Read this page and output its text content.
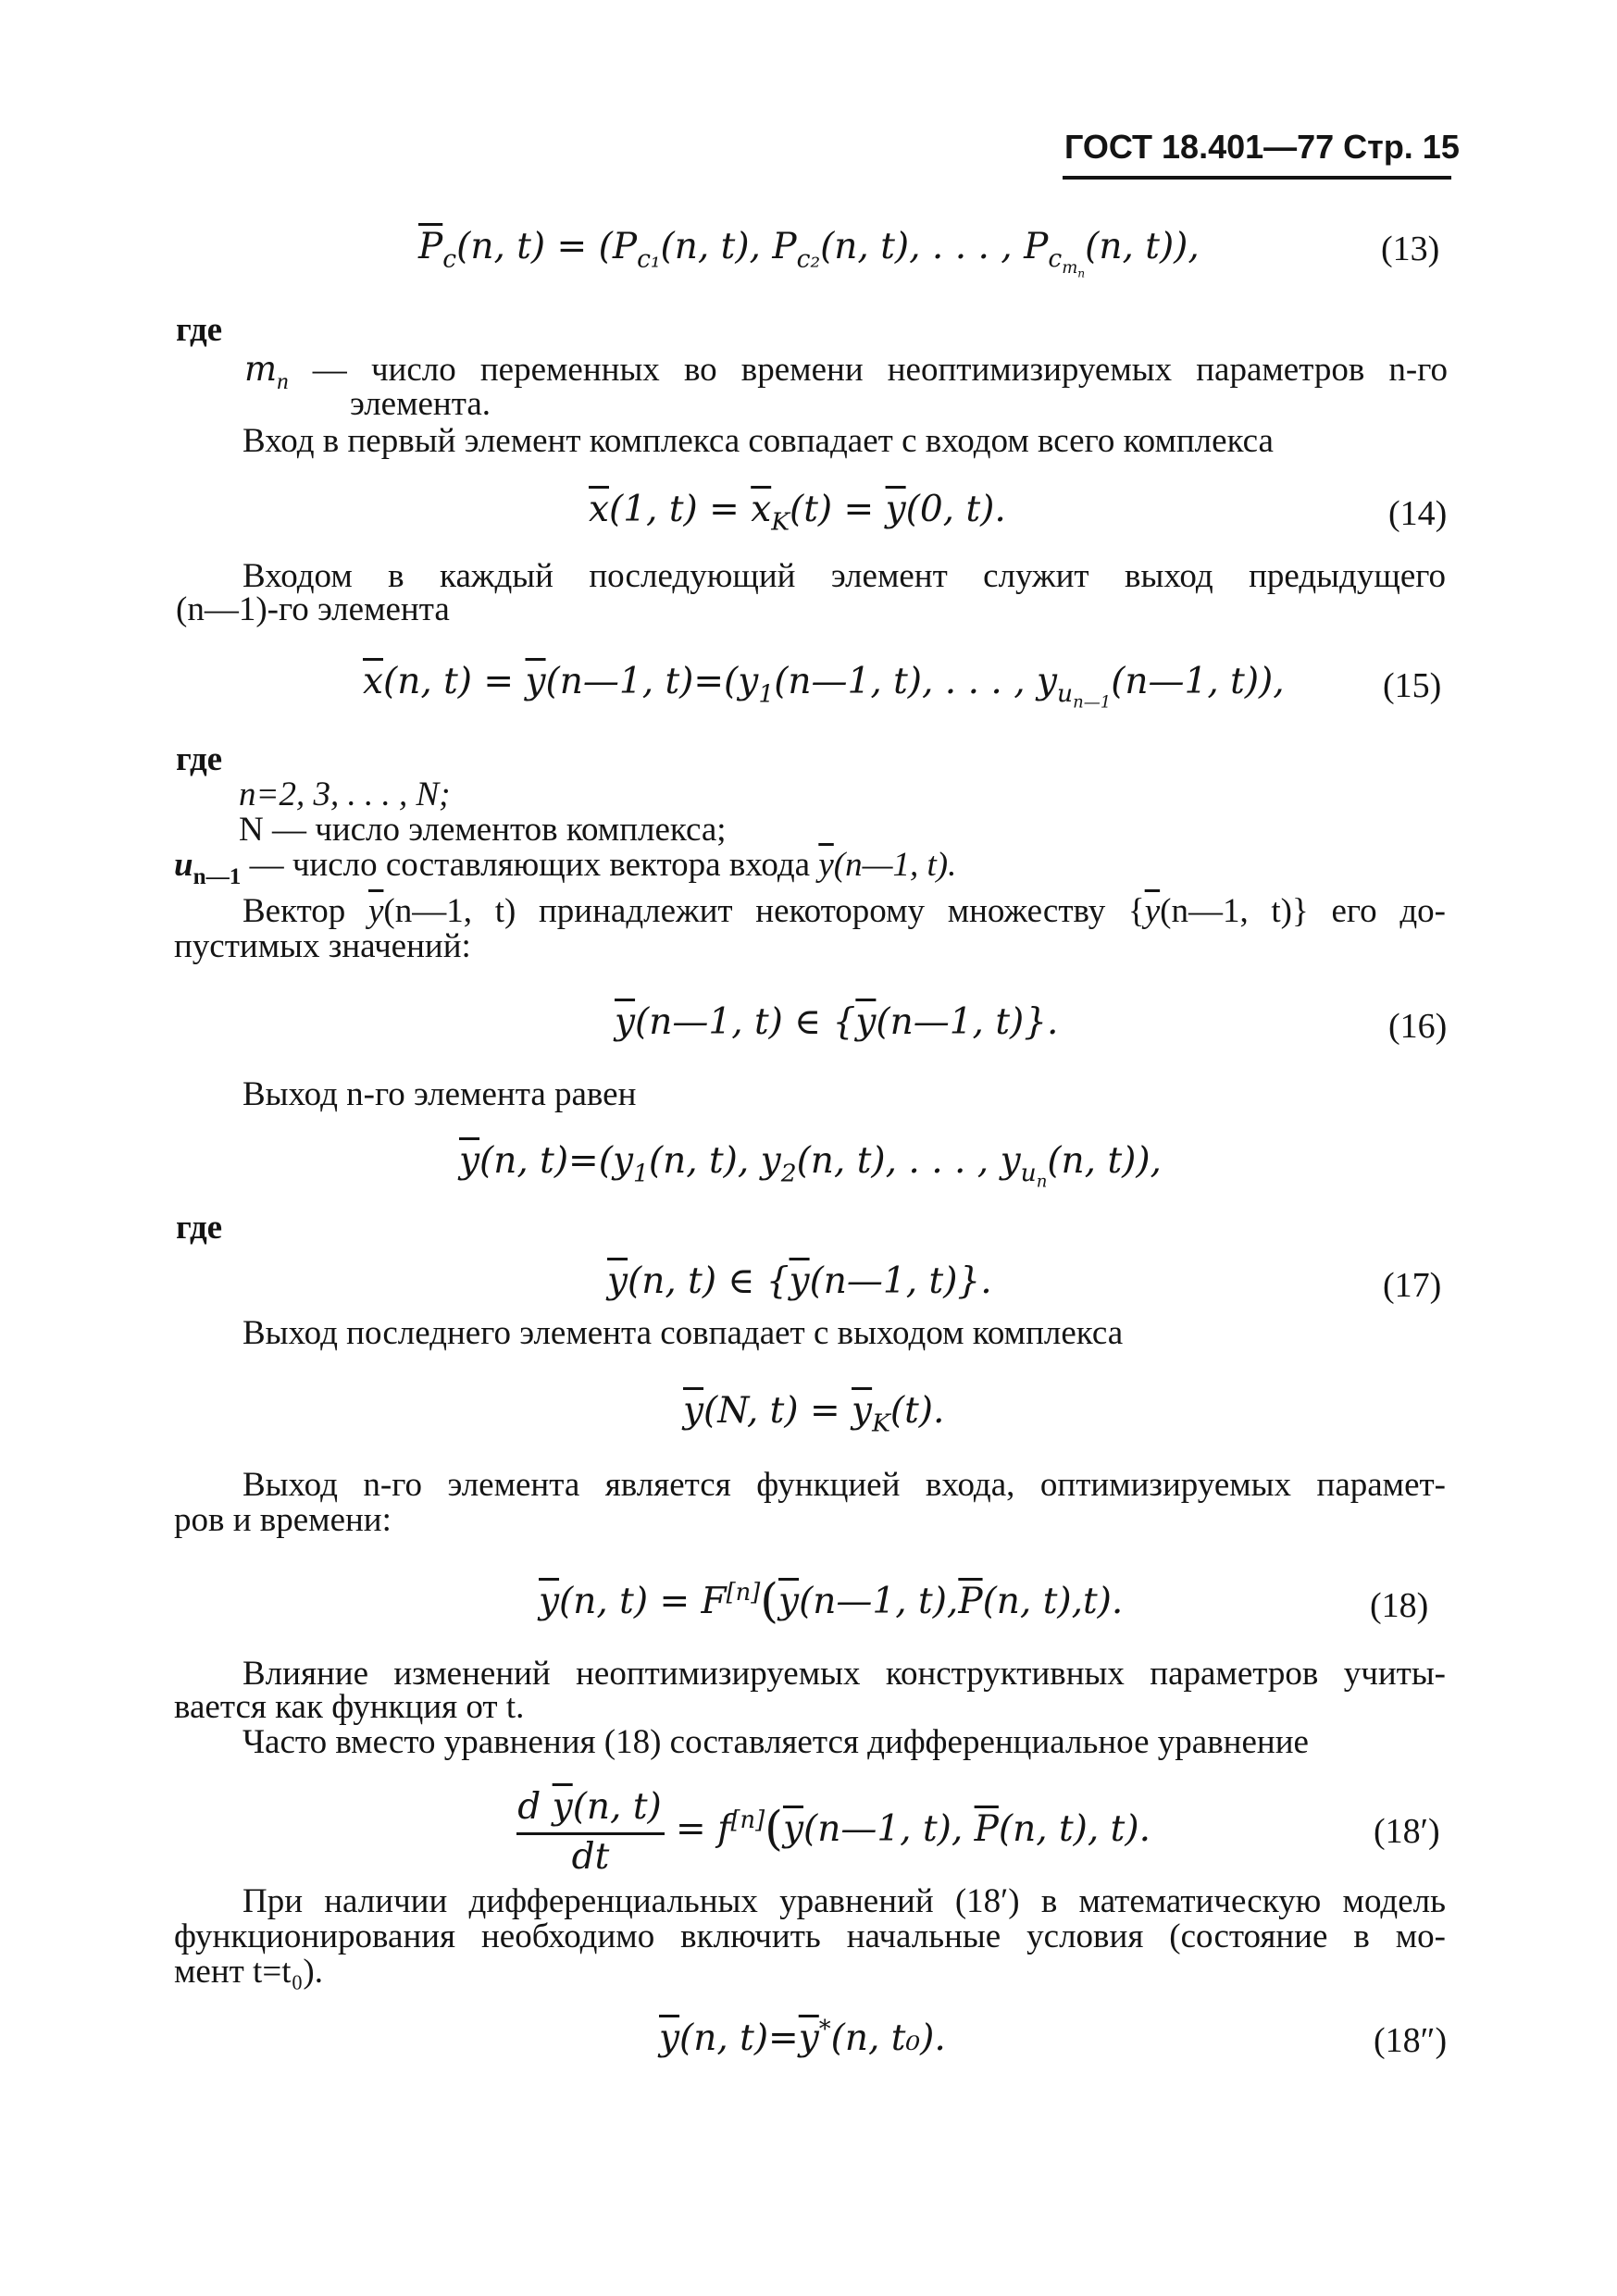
ГОСТ 18.401—77 Стр. 15
$\overline{P}_c(n$, $t) = (P_{c_1}(n$, t), $P_{c_2}(n$, t), . . . , $P_{c_{m_n}}(n$, t)),	(13)
где
$m_n$ — число переменных во времени неоптимизируемых параметров n-го
элемента.
Вход в первый элемент комплекса совпадает с входом всего комплекса
$\overline{x}(1$, $t) = \overline{x}_K(t) = \overline{y}(0$, t).	(14)
Входом в каждый последующий элемент служит выход предыдущего
(n—1)-го элемента
$\overline{x}(n$, $t) = \overline{y}(n—1$, $t)=(y_1(n—1$, t), . . . , $y_{u_{n—1}}(n—1$, t)),	(15)
где
n=2, 3, . . . , N;
N — число элементов комплекса;
$u_{n—1}$ — число составляющих вектора входа $\overline{y}(n—1$, t).
Вектор $\overline{y}(n—1$, t) принадлежит некоторому множеству {$\overline{y}(n—1$, t)} его до-
пустимых значений:
$\overline{y}(n—1$, t) ∈ {$\overline{y}(n—1$, t)}.	(16)
Выход n-го элемента равен
$\overline{y}(n$, $t)=(y_1(n$, t), $y_2(n$, t), . . . , $y_{u_n}(n$, t)),
где
$\overline{y}(n$, t) ∈ {$\overline{y}(n—1$, t)}.	(17)
Выход последнего элемента совпадает с выходом комплекса
$\overline{y}(N$, $t) = \overline{y}_K(t)$.
Выход n-го элемента является функцией входа, оптимизируемых парамет-
ров и времени:
$\overline{y}(n$, $t) = F[n](\overline{y}(n—1$, $t),\overline{P}(n$, t),t).	(18)
Влияние изменений неоптимизируемых конструктивных параметров учиты-
вается как функция от t.
Часто вместо уравнения (18) составляется дифференциальное уравнение
d $\overline{y}(n$, t)
dt
= $f[n](\overline{y}(n—1$, t), $\overline{P}(n$, t), t).	(18′)
При наличии дифференциальных уравнений (18′) в математическую модель
функционирования необходимо включить начальные условия (состояние в мо-
мент t=t₀).
$\overline{y}(n$, $t)=\overline{y}^*(n$, t₀).	(18″)
